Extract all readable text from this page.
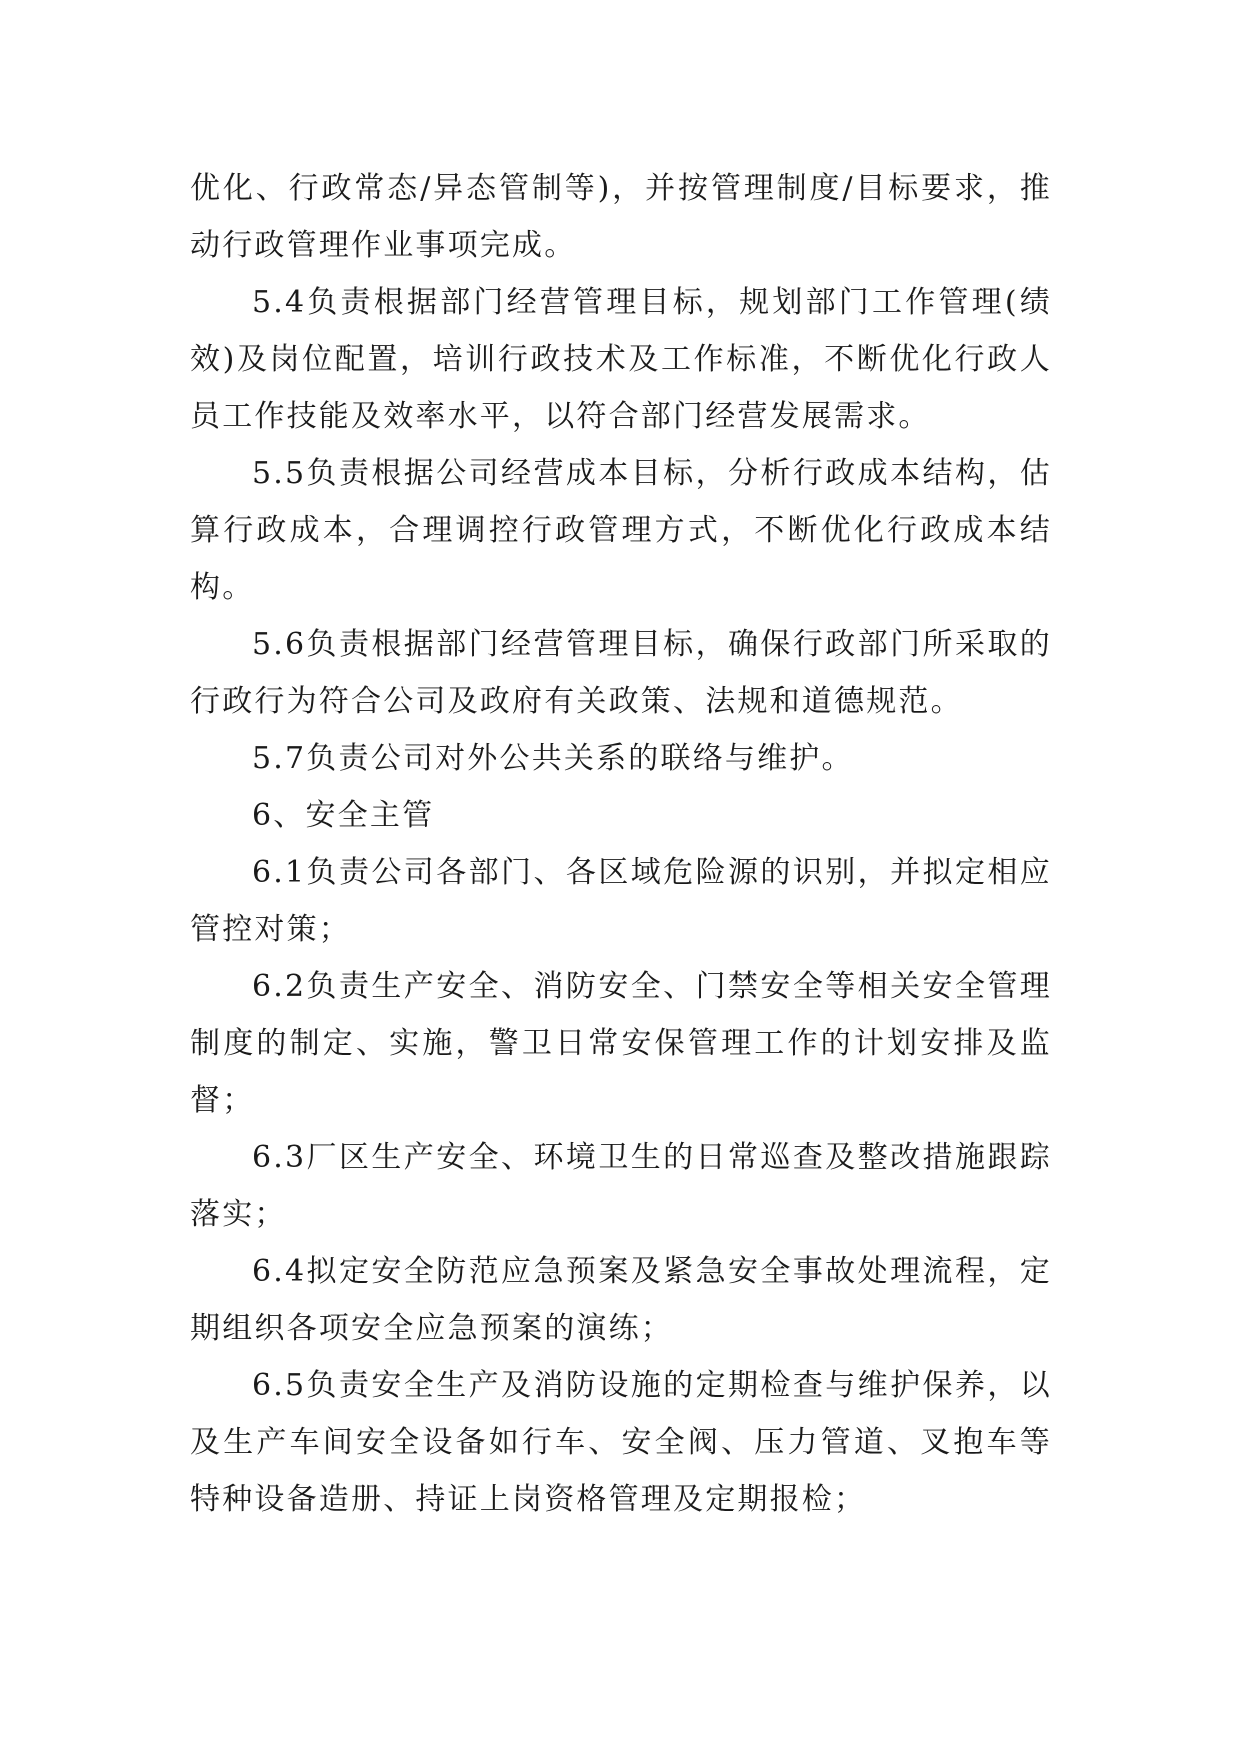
优化、行政常态/异态管制等)，并按管理制度/目标要求，推动行政管理作业事项完成。

5.4负责根据部门经营管理目标，规划部门工作管理(绩效)及岗位配置，培训行政技术及工作标准，不断优化行政人员工作技能及效率水平，以符合部门经营发展需求。

5.5负责根据公司经营成本目标，分析行政成本结构，估算行政成本，合理调控行政管理方式，不断优化行政成本结构。

5.6负责根据部门经营管理目标，确保行政部门所采取的行政行为符合公司及政府有关政策、法规和道德规范。

5.7负责公司对外公共关系的联络与维护。

6、安全主管

6.1负责公司各部门、各区域危险源的识别，并拟定相应管控对策；

6.2负责生产安全、消防安全、门禁安全等相关安全管理制度的制定、实施，警卫日常安保管理工作的计划安排及监督；

6.3厂区生产安全、环境卫生的日常巡查及整改措施跟踪落实；

6.4拟定安全防范应急预案及紧急安全事故处理流程，定期组织各项安全应急预案的演练；

6.5负责安全生产及消防设施的定期检查与维护保养，以及生产车间安全设备如行车、安全阀、压力管道、叉抱车等特种设备造册、持证上岗资格管理及定期报检；
